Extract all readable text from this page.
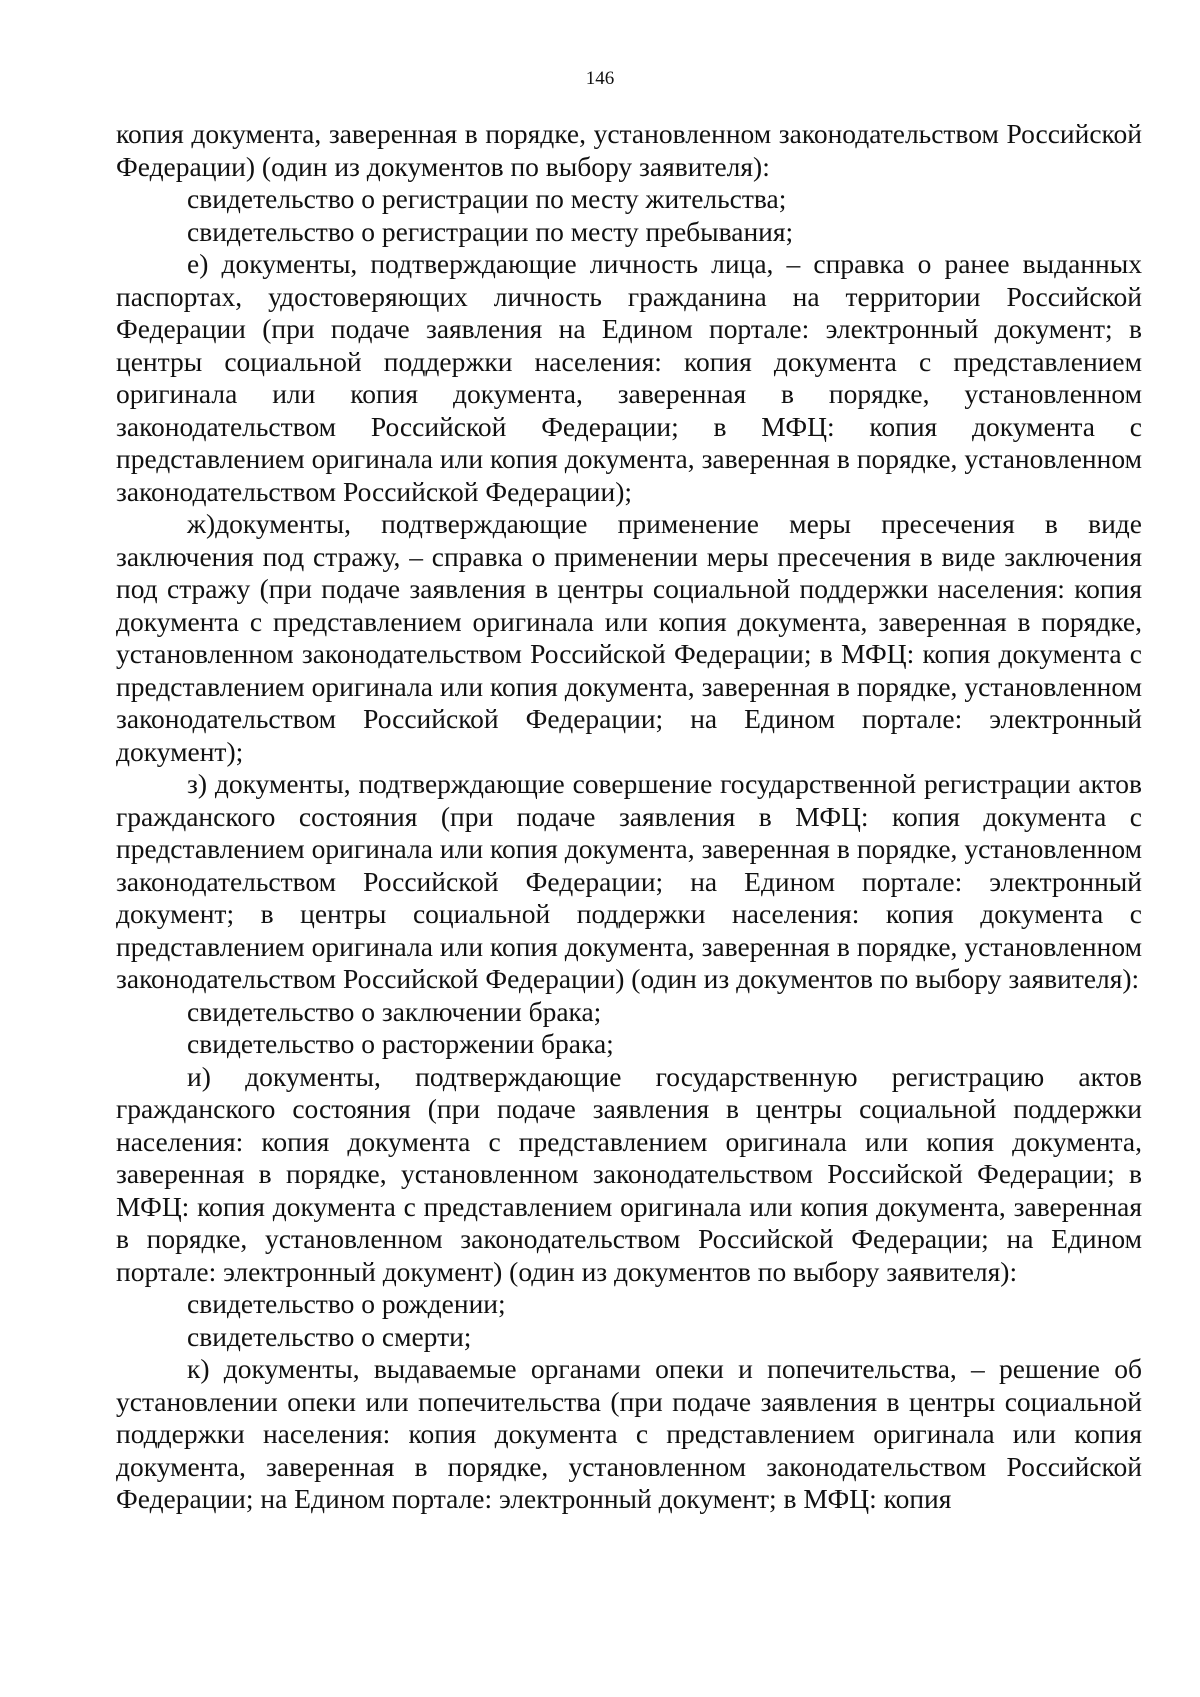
146

копия документа, заверенная в порядке, установленном законодательством Российской Федерации) (один из документов по выбору заявителя):

свидетельство о регистрации по месту жительства;

свидетельство о регистрации по месту пребывания;

е) документы, подтверждающие личность лица, – справка о ранее выданных паспортах, удостоверяющих личность гражданина на территории Российской Федерации (при подаче заявления на Едином портале: электронный документ; в центры социальной поддержки населения: копия документа с представлением оригинала или копия документа, заверенная в порядке, установленном законодательством Российской Федерации; в МФЦ: копия документа с представлением оригинала или копия документа, заверенная в порядке, установленном законодательством Российской Федерации);

ж)документы, подтверждающие применение меры пресечения в виде заключения под стражу, – справка о применении меры пресечения в виде заключения под стражу (при подаче заявления в центры социальной поддержки населения: копия документа с представлением оригинала или копия документа, заверенная в порядке, установленном законодательством Российской Федерации; в МФЦ: копия документа с представлением оригинала или копия документа, заверенная в порядке, установленном законодательством Российской Федерации; на Едином портале: электронный документ);

з) документы, подтверждающие совершение государственной регистрации актов гражданского состояния (при подаче заявления в МФЦ: копия документа с представлением оригинала или копия документа, заверенная в порядке, установленном законодательством Российской Федерации; на Едином портале: электронный документ; в центры социальной поддержки населения: копия документа с представлением оригинала или копия документа, заверенная в порядке, установленном законодательством Российской Федерации) (один из документов по выбору заявителя):

свидетельство о заключении брака;

свидетельство о расторжении брака;

и) документы, подтверждающие государственную регистрацию актов гражданского состояния (при подаче заявления в центры социальной поддержки населения: копия документа с представлением оригинала или копия документа, заверенная в порядке, установленном законодательством Российской Федерации; в МФЦ: копия документа с представлением оригинала или копия документа, заверенная в порядке, установленном законодательством Российской Федерации; на Едином портале: электронный документ) (один из документов по выбору заявителя):

свидетельство о рождении;

свидетельство о смерти;

к) документы, выдаваемые органами опеки и попечительства, – решение об установлении опеки или попечительства (при подаче заявления в центры социальной поддержки населения: копия документа с представлением оригинала или копия документа, заверенная в порядке, установленном законодательством Российской Федерации; на Едином портале: электронный документ; в МФЦ: копия
